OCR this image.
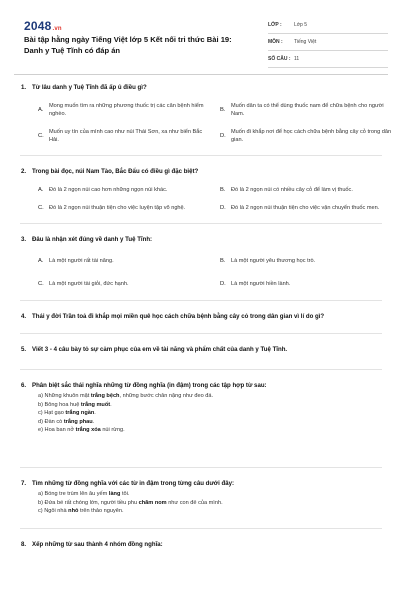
2048.vn
Bài tập hằng ngày Tiếng Việt lớp 5 Kết nối tri thức Bài 19:
Danh y Tuệ Tĩnh có đáp án
LỚP :	Lớp 5
MÔN :	Tiếng Việt
SỐ CÂU : 11
1. Từ lâu danh y Tuệ Tĩnh đã ấp ủ điều gì?
A.
Mong muốn tìm ra những phương thuốc trị các căn bệnh hiểm nghèo.
B.
Muốn dân ta có thể dùng thuốc nam để chữa bệnh cho người Nam.
C.
Muốn uy tín của mình cao như núi Thái Sơn, xa như biển Bắc Hải.
D.
Muốn đi khắp nơi để học cách chữa bệnh bằng cây cỏ trong dân gian.
2. Trong bài đọc, núi Nam Tào, Bắc Đẩu có điều gì đặc biệt?
A. Đó là 2 ngọn núi cao hơn những ngọn núi khác.	B. Đó là 2 ngọn núi có nhiều cây cỏ để làm vị thuốc.
C. Đó là 2 ngọn núi thuận tiện cho việc luyện tập võ nghệ.	D. Đó là 2 ngọn núi thuận tiện cho việc vận chuyển thuốc men.
3. Đâu là nhận xét đúng về danh y Tuệ Tĩnh:
A. Là một người rất tài năng.	B. Là một người yêu thương học trò.
C. Là một người tài giỏi, đức hạnh.	D. Là một người hiền lành.
4. Thái y đời Trần toả đi khắp mọi miền quê học cách chữa bệnh bằng cây cỏ trong dân gian vì lí do gì?
5. Viết 3 - 4 câu bày tỏ sự cảm phục của em về tài năng và phẩm chất của danh y Tuệ Tĩnh.
6. Phân biệt sắc thái nghĩa những từ đồng nghĩa (in đậm) trong các tập hợp từ sau:
a) Những khuôn mặt trắng bệch, những bước chân nặng như đeo đá.
b) Bông hoa huệ trắng muốt.
c) Hạt gạo trắng ngần.
d) Đàn cò trắng phau.
e) Hoa ban nở trắng xóa núi rừng.
7. Tìm những từ đồng nghĩa với các từ in đậm trong từng câu dưới đây:
a) Bóng tre trùm lên âu yếm làng tôi.
b) Đứa bé rất chóng lớn, người tiều phu chăm nom như con đẻ của mình.
c) Ngôi nhà nhỏ trên thảo nguyên.
8. Xếp những từ sau thành 4 nhóm đồng nghĩa:
